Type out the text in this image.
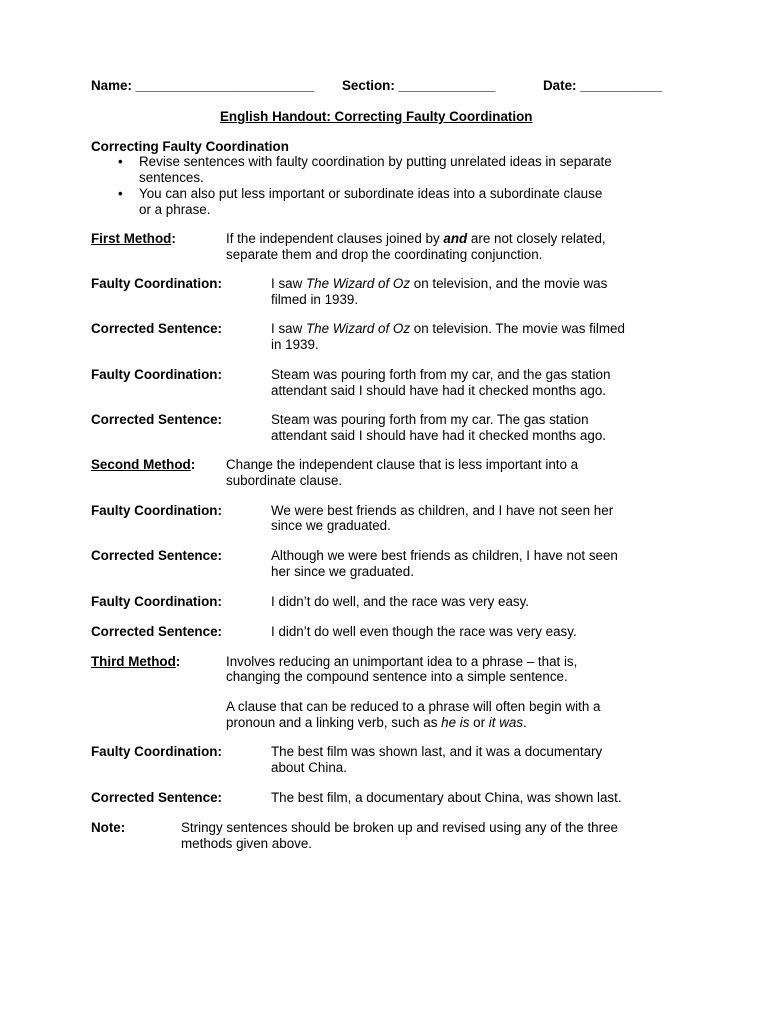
Name: ________________________ Section: _____________	Date: ___________
English Handout: Correcting Faulty Coordination
Correcting Faulty Coordination
• Revise sentences with faulty coordination by putting unrelated ideas in separate
sentences.
• You can also put less important or subordinate ideas into a subordinate clause
or a phrase.
First Method:	If the independent clauses joined by and are not closely related,
separate them and drop the coordinating conjunction.
Faulty Coordination:	I saw The Wizard of Oz on television, and the movie was
filmed in 1939.
Corrected Sentence:	I saw The Wizard of Oz on television. The movie was filmed
in 1939.
Faulty Coordination:	Steam was pouring forth from my car, and the gas station
attendant said I should have had it checked months ago.
Corrected Sentence:	Steam was pouring forth from my car. The gas station
attendant said I should have had it checked months ago.
Second Method: Change the independent clause that is less important into a
subordinate clause.
Faulty Coordination:	We were best friends as children, and I have not seen her
since we graduated.
Corrected Sentence:	Although we were best friends as children, I have not seen
her since we graduated.
Faulty Coordination:	I didn’t do well, and the race was very easy.
Corrected Sentence:	I didn’t do well even though the race was very easy.
Third Method:	Involves reducing an unimportant idea to a phrase – that is,
changing the compound sentence into a simple sentence.
A clause that can be reduced to a phrase will often begin with a
pronoun and a linking verb, such as he is or it was.
Faulty Coordination:	The best film was shown last, and it was a documentary
about China.
Corrected Sentence:	The best film, a documentary about China, was shown last.
Note:	Stringy sentences should be broken up and revised using any of the three
methods given above.
